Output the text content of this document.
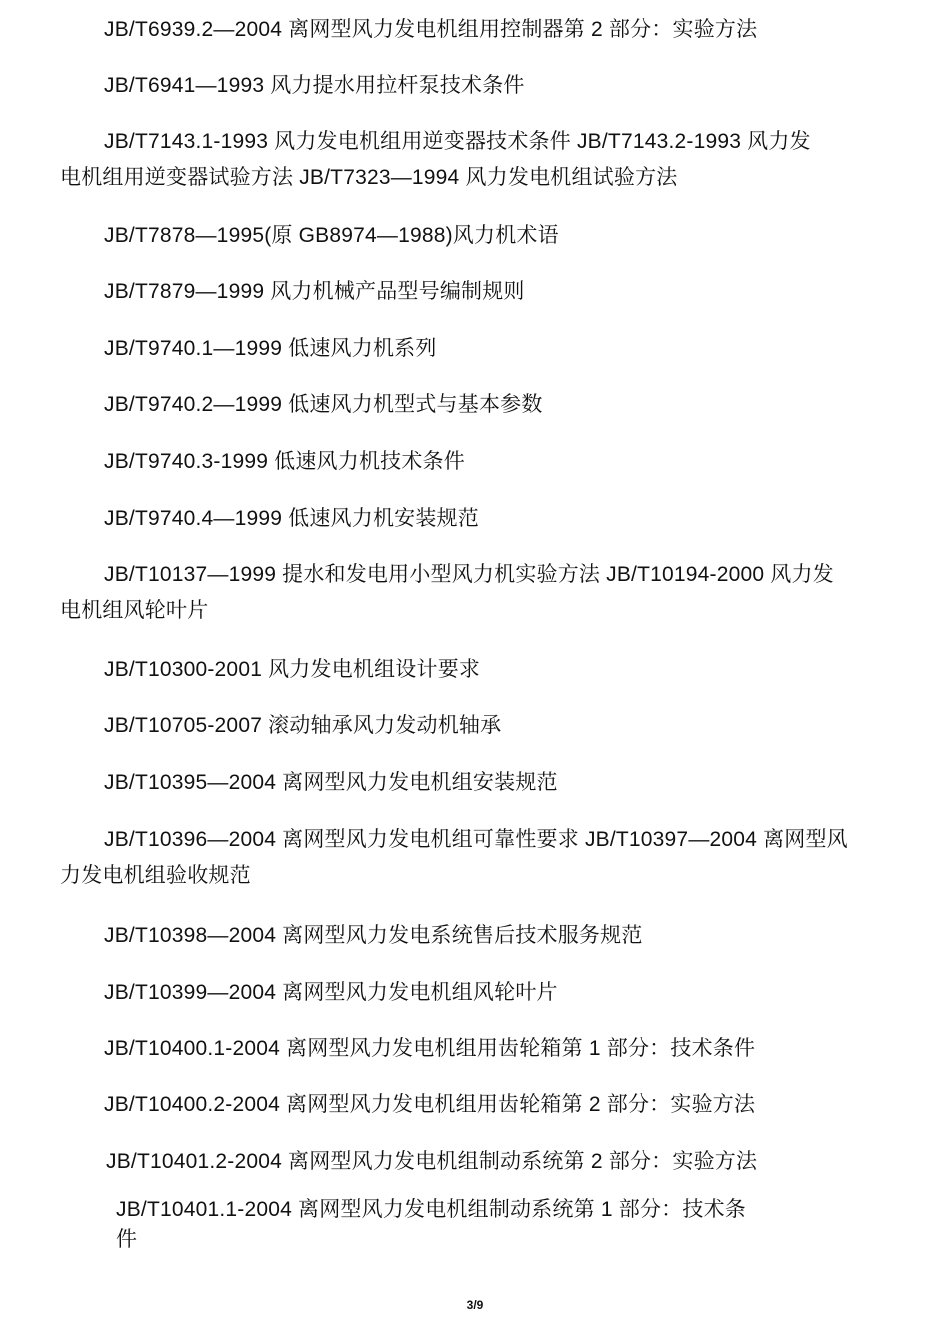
JB/T6939.2—2004 离网型风力发电机组用控制器第 2 部分：实验方法
JB/T6941—1993 风力提水用拉杆泵技术条件
JB/T7143.1-1993 风力发电机组用逆变器技术条件 JB/T7143.2-1993 风力发
电机组用逆变器试验方法 JB/T7323—1994 风力发电机组试验方法
JB/T7878—1995(原 GB8974—1988)风力机术语
JB/T7879—1999 风力机械产品型号编制规则
JB/T9740.1—1999 低速风力机系列
JB/T9740.2—1999 低速风力机型式与基本参数
JB/T9740.3-1999 低速风力机技术条件
JB/T9740.4—1999 低速风力机安装规范
JB/T10137—1999 提水和发电用小型风力机实验方法 JB/T10194-2000 风力发
电机组风轮叶片
JB/T10300-2001 风力发电机组设计要求
JB/T10705-2007 滚动轴承风力发动机轴承
JB/T10395—2004 离网型风力发电机组安装规范
JB/T10396—2004 离网型风力发电机组可靠性要求 JB/T10397—2004 离网型风
力发电机组验收规范
JB/T10398—2004 离网型风力发电系统售后技术服务规范
JB/T10399—2004 离网型风力发电机组风轮叶片
JB/T10400.1-2004 离网型风力发电机组用齿轮箱第 1 部分：技术条件
JB/T10400.2-2004 离网型风力发电机组用齿轮箱第 2 部分：实验方法
JB/T10401.2-2004 离网型风力发电机组制动系统第 2 部分：实验方法
JB/T10401.1-2004 离网型风力发电机组制动系统第 1 部分：技术条
件
3/9
